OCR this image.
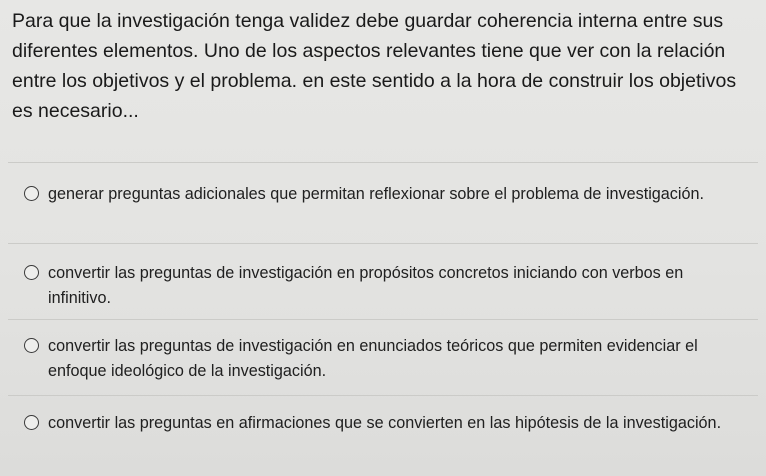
Para que la investigación tenga validez debe guardar coherencia interna entre sus diferentes elementos. Uno de los aspectos relevantes tiene que ver con la relación entre los objetivos y el problema. en este sentido a la hora de construir los objetivos es necesario...

generar preguntas adicionales que permitan reflexionar sobre el problema de investigación.
convertir las preguntas de investigación en propósitos concretos iniciando con verbos en infinitivo.
convertir las preguntas de investigación en enunciados teóricos que permiten evidenciar el enfoque ideológico de la investigación.
convertir las preguntas en afirmaciones que se convierten en las hipótesis de la investigación.
